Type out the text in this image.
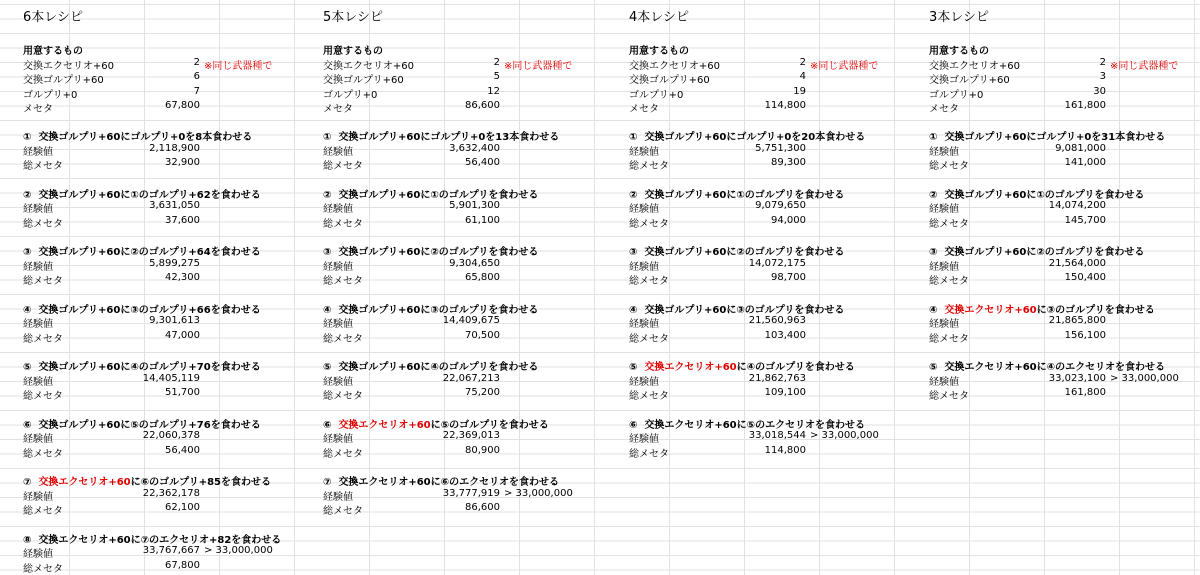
6本レシピ
用意するもの
交換エクセリオ+60	2 ※同じ武器種で
交換ゴルプリ+60	6
ゴルプリ+0	7
メセタ	67,800
① 交換ゴルプリ+60にゴルプリ+0を8本食わせる
経験値	2,118,900
総メセタ	32,900
② 交換ゴルプリ+60に①のゴルプリ+62を食わせる
経験値	3,631,050
総メセタ	37,600
③ 交換ゴルプリ+60に②のゴルプリ+64を食わせる
経験値	5,899,275
総メセタ	42,300
④ 交換ゴルプリ+60に③のゴルプリ+66を食わせる
経験値	9,301,613
総メセタ	47,000
⑤ 交換ゴルプリ+60に④のゴルプリ+70を食わせる
経験値	14,405,119
総メセタ	51,700
⑥ 交換ゴルプリ+60に⑤のゴルプリ+76を食わせる
経験値	22,060,378
総メセタ	56,400
⑦ 交換エクセリオ+60に⑥のゴルプリ+85を食わせる
経験値	22,362,178
総メセタ	62,100
⑧ 交換エクセリオ+60に⑦のエクセリオ+82を食わせる
経験値	33,767,667 > 33,000,000
総メセタ	67,800
5本レシピ
用意するもの
交換エクセリオ+60	2 ※同じ武器種で
交換ゴルプリ+60	5
ゴルプリ+0	12
メセタ	86,600
① 交換ゴルプリ+60にゴルプリ+0を13本食わせる
経験値	3,632,400
総メセタ	56,400
② 交換ゴルプリ+60に①のゴルプリを食わせる
経験値	5,901,300
総メセタ	61,100
③ 交換ゴルプリ+60に②のゴルプリを食わせる
経験値	9,304,650
総メセタ	65,800
④ 交換ゴルプリ+60に③のゴルプリを食わせる
経験値	14,409,675
総メセタ	70,500
⑤ 交換ゴルプリ+60に④のゴルプリを食わせる
経験値	22,067,213
総メセタ	75,200
⑥ 交換エクセリオ+60に⑤のゴルプリを食わせる
経験値	22,369,013
総メセタ	80,900
⑦ 交換エクセリオ+60に⑥のエクセリオを食わせる
経験値	33,777,919 > 33,000,000
総メセタ	86,600
4本レシピ
用意するもの
交換エクセリオ+60	2 ※同じ武器種で
交換ゴルプリ+60	4
ゴルプリ+0	19
メセタ	114,800
① 交換ゴルプリ+60にゴルプリ+0を20本食わせる
経験値	5,751,300
総メセタ	89,300
② 交換ゴルプリ+60に①のゴルプリを食わせる
経験値	9,079,650
総メセタ	94,000
③ 交換ゴルプリ+60に②のゴルプリを食わせる
経験値	14,072,175
総メセタ	98,700
④ 交換ゴルプリ+60に③のゴルプリを食わせる
経験値	21,560,963
総メセタ	103,400
⑤ 交換エクセリオ+60に④のゴルプリを食わせる
経験値	21,862,763
総メセタ	109,100
⑥ 交換エクセリオ+60に⑤のエクセリオを食わせる
経験値	33,018,544 > 33,000,000
総メセタ	114,800
3本レシピ
用意するもの
交換エクセリオ+60	2 ※同じ武器種で
交換ゴルプリ+60	3
ゴルプリ+0	30
メセタ	161,800
① 交換ゴルプリ+60にゴルプリ+0を31本食わせる
経験値	9,081,000
総メセタ	141,000
② 交換ゴルプリ+60に①のゴルプリを食わせる
経験値	14,074,200
総メセタ	145,700
③ 交換ゴルプリ+60に②のゴルプリを食わせる
経験値	21,564,000
総メセタ	150,400
④ 交換エクセリオ+60に③のゴルプリを食わせる
経験値	21,865,800
総メセタ	156,100
⑤ 交換エクセリオ+60に④のエクセリオを食わせる
経験値	33,023,100 > 33,000,000
総メセタ	161,800
